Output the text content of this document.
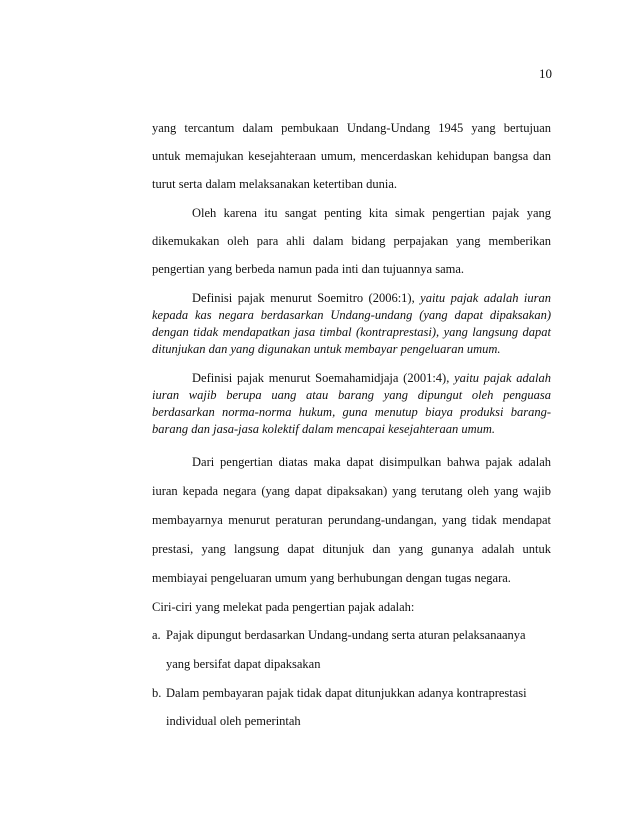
10
yang tercantum dalam pembukaan Undang-Undang 1945 yang bertujuan
untuk memajukan kesejahteraan umum, mencerdaskan kehidupan bangsa dan
turut serta dalam melaksanakan ketertiban dunia.
Oleh karena itu sangat penting kita simak pengertian pajak yang
dikemukakan oleh para ahli dalam bidang perpajakan yang memberikan
pengertian yang berbeda namun pada inti dan tujuannya sama.
Definisi pajak menurut Soemitro (2006:1), yaitu pajak adalah iuran
kepada kas negara berdasarkan Undang-undang (yang dapat dipaksakan)
dengan tidak mendapatkan jasa timbal (kontraprestasi), yang langsung dapat
ditunjukan dan yang digunakan untuk membayar pengeluaran umum.
Definisi pajak menurut Soemahamidjaja (2001:4), yaitu pajak adalah
iuran wajib berupa uang atau barang yang dipungut oleh penguasa
berdasarkan norma-norma hukum, guna menutup biaya produksi barang-
barang dan jasa-jasa kolektif dalam mencapai kesejahteraan umum.
Dari pengertian diatas maka dapat disimpulkan bahwa pajak adalah
iuran kepada negara (yang dapat dipaksakan) yang terutang oleh yang wajib
membayarnya menurut peraturan perundang-undangan, yang tidak mendapat
prestasi, yang langsung dapat ditunjuk dan yang gunanya adalah untuk
membiayai pengeluaran umum yang berhubungan dengan tugas negara.
Ciri-ciri yang melekat pada pengertian pajak adalah:
a. Pajak dipungut berdasarkan Undang-undang serta aturan pelaksanaanya
yang bersifat dapat dipaksakan
b. Dalam pembayaran pajak tidak dapat ditunjukkan adanya kontraprestasi
individual oleh pemerintah
